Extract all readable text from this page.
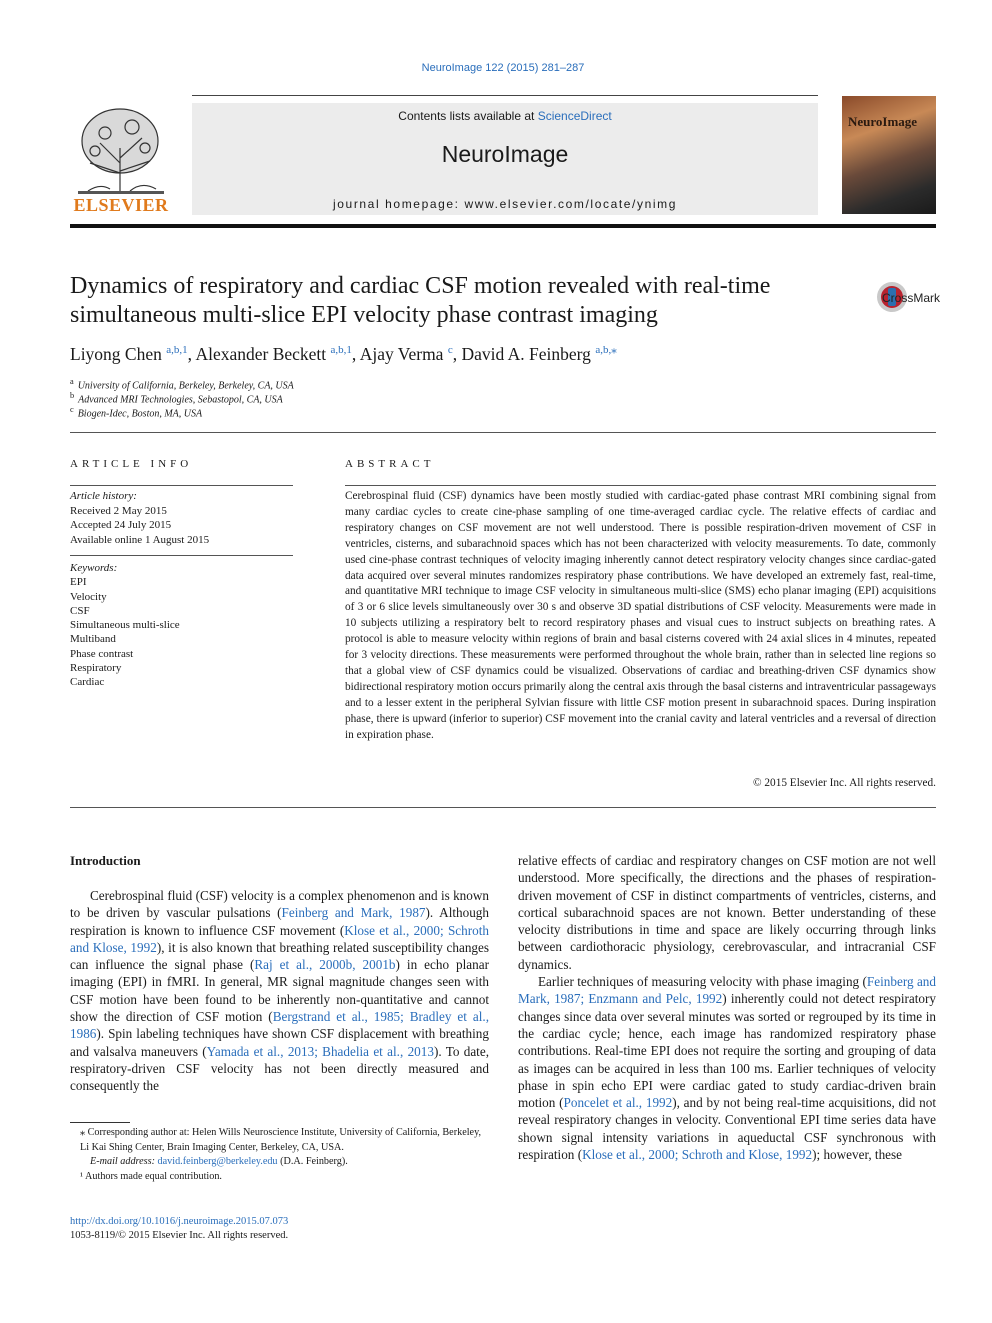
NeuroImage 122 (2015) 281–287
ELSEVIER
Contents lists available at ScienceDirect
NeuroImage
journal homepage: www.elsevier.com/locate/ynimg
NeuroImage
Dynamics of respiratory and cardiac CSF motion revealed with real-time simultaneous multi-slice EPI velocity phase contrast imaging
CrossMark
Liyong Chen $^{a,b,1}$, Alexander Beckett $^{a,b,1}$, Ajay Verma $^c$, David A. Feinberg $^{a,b,⁎}$
$^a$ University of California, Berkeley, Berkeley, CA, USA
$^b$ Advanced MRI Technologies, Sebastopol, CA, USA
$^c$ Biogen-Idec, Boston, MA, USA
ARTICLE INFO
Article history:
Received 2 May 2015
Accepted 24 July 2015
Available online 1 August 2015
Keywords:
EPI
Velocity
CSF
Simultaneous multi-slice
Multiband
Phase contrast
Respiratory
Cardiac
ABSTRACT
Cerebrospinal fluid (CSF) dynamics have been mostly studied with cardiac-gated phase contrast MRI combining signal from many cardiac cycles to create cine-phase sampling of one time-averaged cardiac cycle. The relative effects of cardiac and respiratory changes on CSF movement are not well understood. There is possible respiration-driven movement of CSF in ventricles, cisterns, and subarachnoid spaces which has not been characterized with velocity measurements. To date, commonly used cine-phase contrast techniques of velocity imaging inherently cannot detect respiratory velocity changes since cardiac-gated data acquired over several minutes randomizes respiratory phase contributions. We have developed an extremely fast, real-time, and quantitative MRI technique to image CSF velocity in simultaneous multi-slice (SMS) echo planar imaging (EPI) acquisitions of 3 or 6 slice levels simultaneously over 30 s and observe 3D spatial distributions of CSF velocity. Measurements were made in 10 subjects utilizing a respiratory belt to record respiratory phases and visual cues to instruct subjects on breathing rates. A protocol is able to measure velocity within regions of brain and basal cisterns covered with 24 axial slices in 4 minutes, repeated for 3 velocity directions. These measurements were performed throughout the whole brain, rather than in selected line regions so that a global view of CSF dynamics could be visualized. Observations of cardiac and breathing-driven CSF dynamics show bidirectional respiratory motion occurs primarily along the central axis through the basal cisterns and intraventricular passageways and to a lesser extent in the peripheral Sylvian fissure with little CSF motion present in subarachnoid spaces. During inspiration phase, there is upward (inferior to superior) CSF movement into the cranial cavity and lateral ventricles and a reversal of direction in expiration phase.
© 2015 Elsevier Inc. All rights reserved.
Introduction

Cerebrospinal fluid (CSF) velocity is a complex phenomenon and is known to be driven by vascular pulsations (Feinberg and Mark, 1987). Although respiration is known to influence CSF movement (Klose et al., 2000; Schroth and Klose, 1992), it is also known that breathing related susceptibility changes can influence the signal phase (Raj et al., 2000b, 2001b) in echo planar imaging (EPI) in fMRI. In general, MR signal magnitude changes seen with CSF motion have been found to be inherently non-quantitative and cannot show the direction of CSF motion (Bergstrand et al., 1985; Bradley et al., 1986). Spin labeling techniques have shown CSF displacement with breathing and valsalva maneuvers (Yamada et al., 2013; Bhadelia et al., 2013). To date, respiratory-driven CSF velocity has not been directly measured and consequently the

relative effects of cardiac and respiratory changes on CSF motion are not well understood. More specifically, the directions and the phases of respiration-driven movement of CSF in distinct compartments of ventricles, cisterns, and cortical subarachnoid spaces are not known. Better understanding of these velocity distributions in time and space are likely occurring through links between cardiothoracic physiology, cerebrovascular, and intracranial CSF dynamics.

Earlier techniques of measuring velocity with phase imaging (Feinberg and Mark, 1987; Enzmann and Pelc, 1992) inherently could not detect respiratory changes since data over several minutes was sorted or regrouped by its time in the cardiac cycle; hence, each image has randomized respiratory phase contributions. Real-time EPI does not require the sorting and grouping of data as images can be acquired in less than 100 ms. Earlier techniques of velocity phase in spin echo EPI were cardiac gated to study cardiac-driven brain motion (Poncelet et al., 1992), and by not being real-time acquisitions, did not reveal respiratory changes in velocity. Conventional EPI time series data have shown signal intensity variations in aqueductal CSF synchronous with respiration (Klose et al., 2000; Schroth and Klose, 1992); however, these

⁎ Corresponding author at: Helen Wills Neuroscience Institute, University of California, Berkeley, Li Kai Shing Center, Brain Imaging Center, Berkeley, CA, USA.
E-mail address: david.feinberg@berkeley.edu (D.A. Feinberg).
¹ Authors made equal contribution.
http://dx.doi.org/10.1016/j.neuroimage.2015.07.073
1053-8119/© 2015 Elsevier Inc. All rights reserved.
